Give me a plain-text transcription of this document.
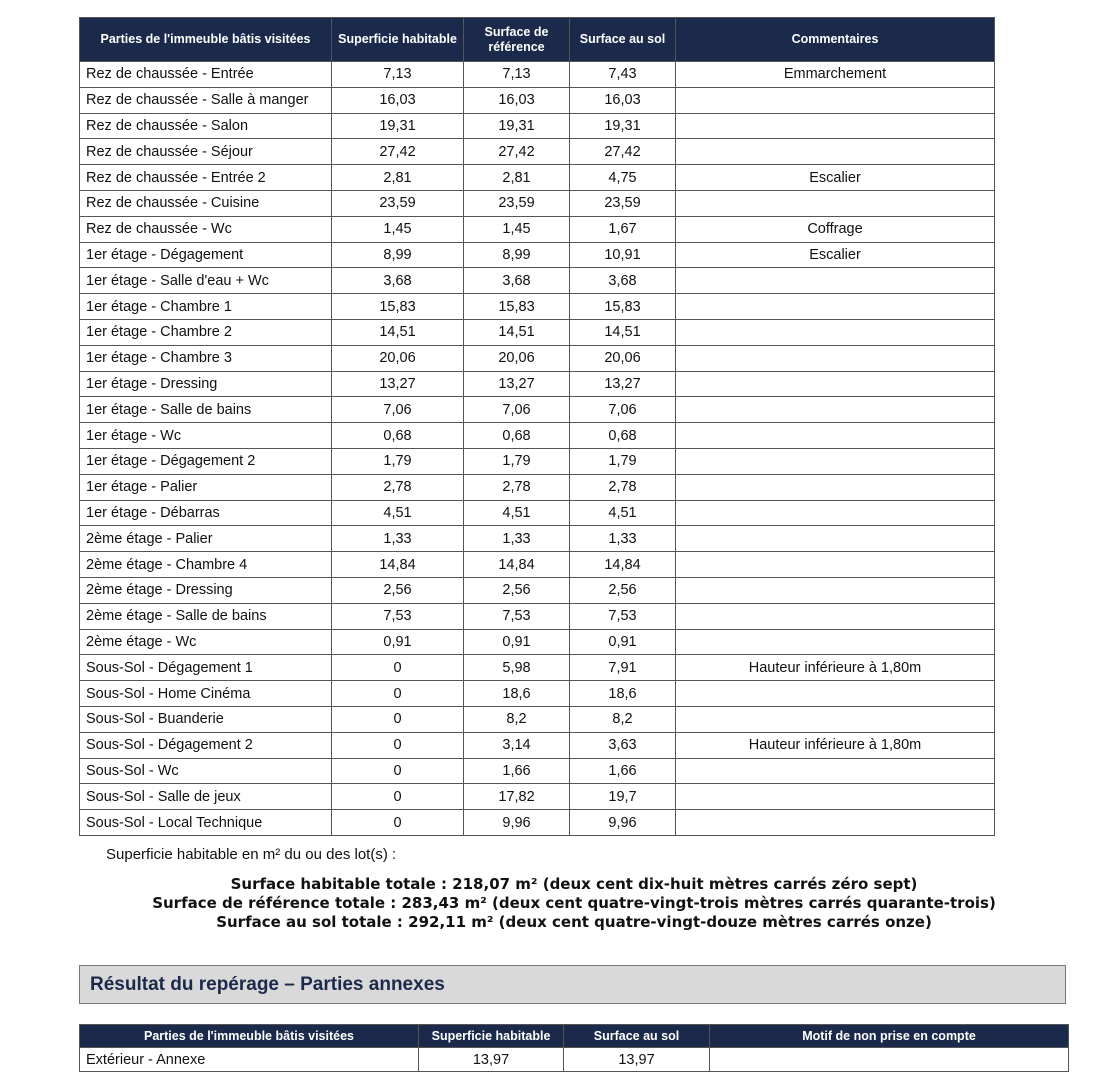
Parties de l'immeuble bâtis visitées	Superficie habitable	Surface de référence	Surface au sol	Commentaires
Rez de chaussée - Entrée	7,13	7,13	7,43	Emmarchement
Rez de chaussée - Salle à manger	16,03	16,03	16,03	
Rez de chaussée - Salon	19,31	19,31	19,31	
Rez de chaussée - Séjour	27,42	27,42	27,42	
Rez de chaussée - Entrée 2	2,81	2,81	4,75	Escalier
Rez de chaussée - Cuisine	23,59	23,59	23,59	
Rez de chaussée - Wc	1,45	1,45	1,67	Coffrage
1er étage - Dégagement	8,99	8,99	10,91	Escalier
1er étage - Salle d'eau + Wc	3,68	3,68	3,68	
1er étage - Chambre 1	15,83	15,83	15,83	
1er étage - Chambre 2	14,51	14,51	14,51	
1er étage - Chambre 3	20,06	20,06	20,06	
1er étage - Dressing	13,27	13,27	13,27	
1er étage - Salle de bains	7,06	7,06	7,06	
1er étage - Wc	0,68	0,68	0,68	
1er étage - Dégagement 2	1,79	1,79	1,79	
1er étage - Palier	2,78	2,78	2,78	
1er étage - Débarras	4,51	4,51	4,51	
2ème étage - Palier	1,33	1,33	1,33	
2ème étage - Chambre 4	14,84	14,84	14,84	
2ème étage - Dressing	2,56	2,56	2,56	
2ème étage - Salle de bains	7,53	7,53	7,53	
2ème étage - Wc	0,91	0,91	0,91	
Sous-Sol - Dégagement 1	0	5,98	7,91	Hauteur inférieure à 1,80m
Sous-Sol - Home Cinéma	0	18,6	18,6	
Sous-Sol - Buanderie	0	8,2	8,2	
Sous-Sol - Dégagement 2	0	3,14	3,63	Hauteur inférieure à 1,80m
Sous-Sol - Wc	0	1,66	1,66	
Sous-Sol - Salle de jeux	0	17,82	19,7	
Sous-Sol - Local Technique	0	9,96	9,96	
Superficie habitable en m² du ou des lot(s) :
Surface habitable totale : 218,07 m² (deux cent dix-huit mètres carrés zéro sept)
Surface de référence totale : 283,43 m² (deux cent quatre-vingt-trois mètres carrés quarante-trois)
Surface au sol totale : 292,11 m² (deux cent quatre-vingt-douze mètres carrés onze)
Résultat du repérage – Parties annexes
Parties de l'immeuble bâtis visitées	Superficie habitable	Surface au sol	Motif de non prise en compte
Extérieur - Annexe	13,97	13,97	
